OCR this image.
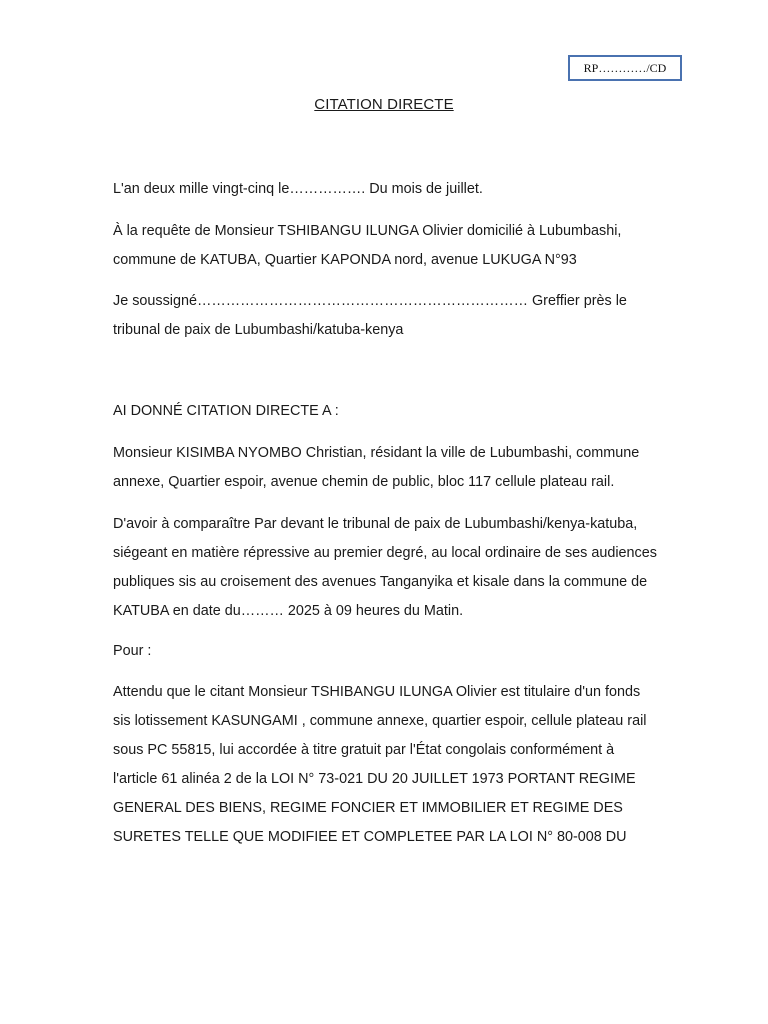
RP…………/CD
CITATION DIRECTE

L'an deux mille vingt-cinq le……………. Du mois de juillet.

À la requête de Monsieur TSHIBANGU ILUNGA Olivier domicilié à Lubumbashi, commune de KATUBA, Quartier KAPONDA nord, avenue LUKUGA N°93

Je soussigné…………………………………………………………… Greffier près le tribunal de paix de Lubumbashi/katuba-kenya

AI DONNÉ CITATION DIRECTE A :

Monsieur KISIMBA NYOMBO Christian, résidant la ville de Lubumbashi, commune annexe, Quartier espoir, avenue chemin de public, bloc 117 cellule plateau rail.

D'avoir à comparaître Par devant le tribunal de paix de Lubumbashi/kenya-katuba, siégeant en matière répressive au premier degré, au local ordinaire de ses audiences publiques sis au croisement des avenues Tanganyika et kisale dans la commune de KATUBA en date du……… 2025 à 09 heures du Matin.

Pour :

Attendu que le citant Monsieur TSHIBANGU ILUNGA Olivier est titulaire d'un fonds sis lotissement KASUNGAMI , commune annexe, quartier espoir, cellule plateau rail sous PC 55815, lui accordée à titre gratuit par l'État congolais conformément à l'article 61 alinéa 2 de la LOI N° 73-021 DU 20 JUILLET 1973 PORTANT REGIME GENERAL DES BIENS, REGIME FONCIER ET IMMOBILIER ET REGIME DES SURETES TELLE QUE MODIFIEE ET COMPLETEE PAR LA LOI N° 80-008 DU
